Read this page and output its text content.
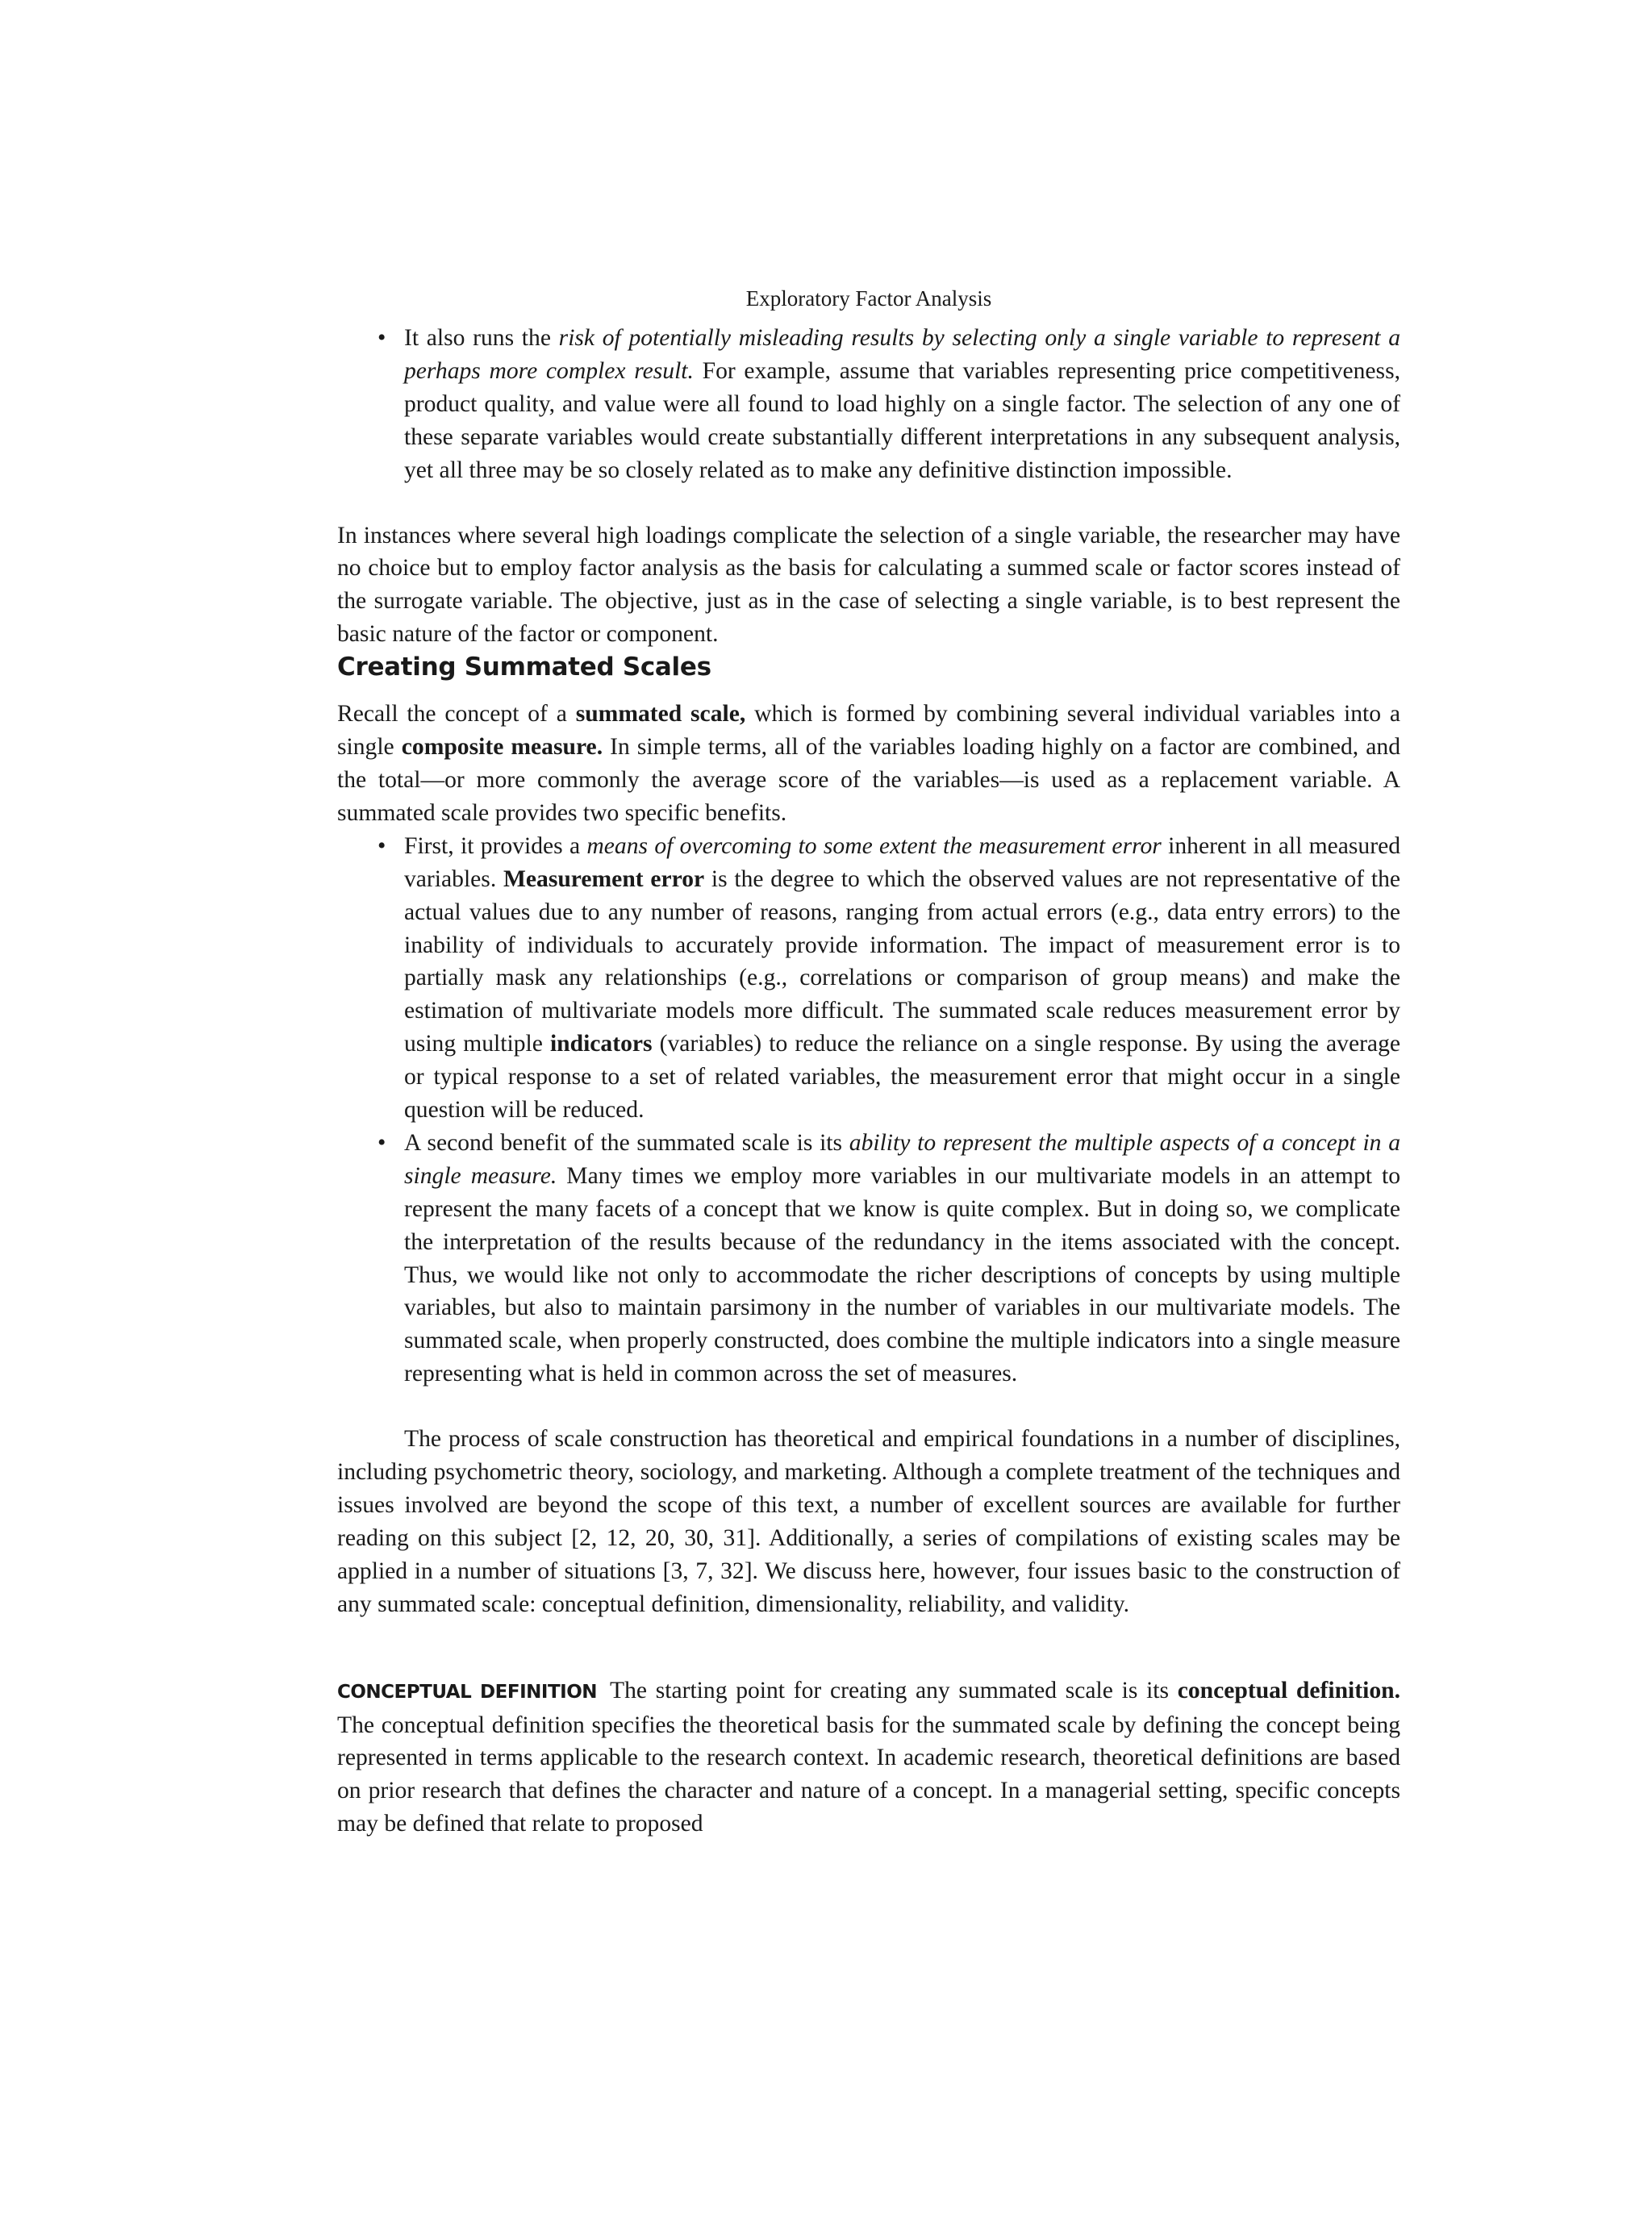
Exploratory Factor Analysis
• It also runs the risk of potentially misleading results by selecting only a single variable to represent a perhaps more complex result. For example, assume that variables representing price competitiveness, product quality, and value were all found to load highly on a single factor. The selection of any one of these separate variables would create substantially different interpretations in any subsequent analysis, yet all three may be so closely related as to make any definitive distinction impossible.

In instances where several high loadings complicate the selection of a single variable, the researcher may have no choice but to employ factor analysis as the basis for calculating a summed scale or factor scores instead of the surrogate variable. The objective, just as in the case of selecting a single variable, is to best represent the basic nature of the factor or component.

Creating Summated Scales

Recall the concept of a summated scale, which is formed by combining several individual variables into a single composite measure. In simple terms, all of the variables loading highly on a factor are combined, and the total—or more commonly the average score of the variables—is used as a replacement variable. A summated scale provides two specific benefits.

• First, it provides a means of overcoming to some extent the measurement error inherent in all measured variables. Measurement error is the degree to which the observed values are not representative of the actual values due to any number of reasons, ranging from actual errors (e.g., data entry errors) to the inability of individuals to accurately provide information. The impact of measurement error is to partially mask any relationships (e.g., correlations or comparison of group means) and make the estimation of multivariate models more difficult. The summated scale reduces measurement error by using multiple indicators (variables) to reduce the reliance on a single response. By using the average or typical response to a set of related variables, the measurement error that might occur in a single question will be reduced.
• A second benefit of the summated scale is its ability to represent the multiple aspects of a concept in a single measure. Many times we employ more variables in our multivariate models in an attempt to represent the many facets of a concept that we know is quite complex. But in doing so, we complicate the interpretation of the results because of the redundancy in the items associated with the concept. Thus, we would like not only to accommodate the richer descriptions of concepts by using multiple variables, but also to maintain parsimony in the number of variables in our multivariate models. The summated scale, when properly constructed, does combine the multiple indicators into a single measure representing what is held in common across the set of measures.

The process of scale construction has theoretical and empirical foundations in a number of disciplines, including psychometric theory, sociology, and marketing. Although a complete treatment of the techniques and issues involved are beyond the scope of this text, a number of excellent sources are available for further reading on this subject [2, 12, 20, 30, 31]. Additionally, a series of compilations of existing scales may be applied in a number of situations [3, 7, 32]. We discuss here, however, four issues basic to the construction of any summated scale: conceptual definition, dimensionality, reliability, and validity.

CONCEPTUAL DEFINITION The starting point for creating any summated scale is its conceptual definition. The conceptual definition specifies the theoretical basis for the summated scale by defining the concept being represented in terms applicable to the research context. In academic research, theoretical definitions are based on prior research that defines the character and nature of a concept. In a managerial setting, specific concepts may be defined that relate to proposed
